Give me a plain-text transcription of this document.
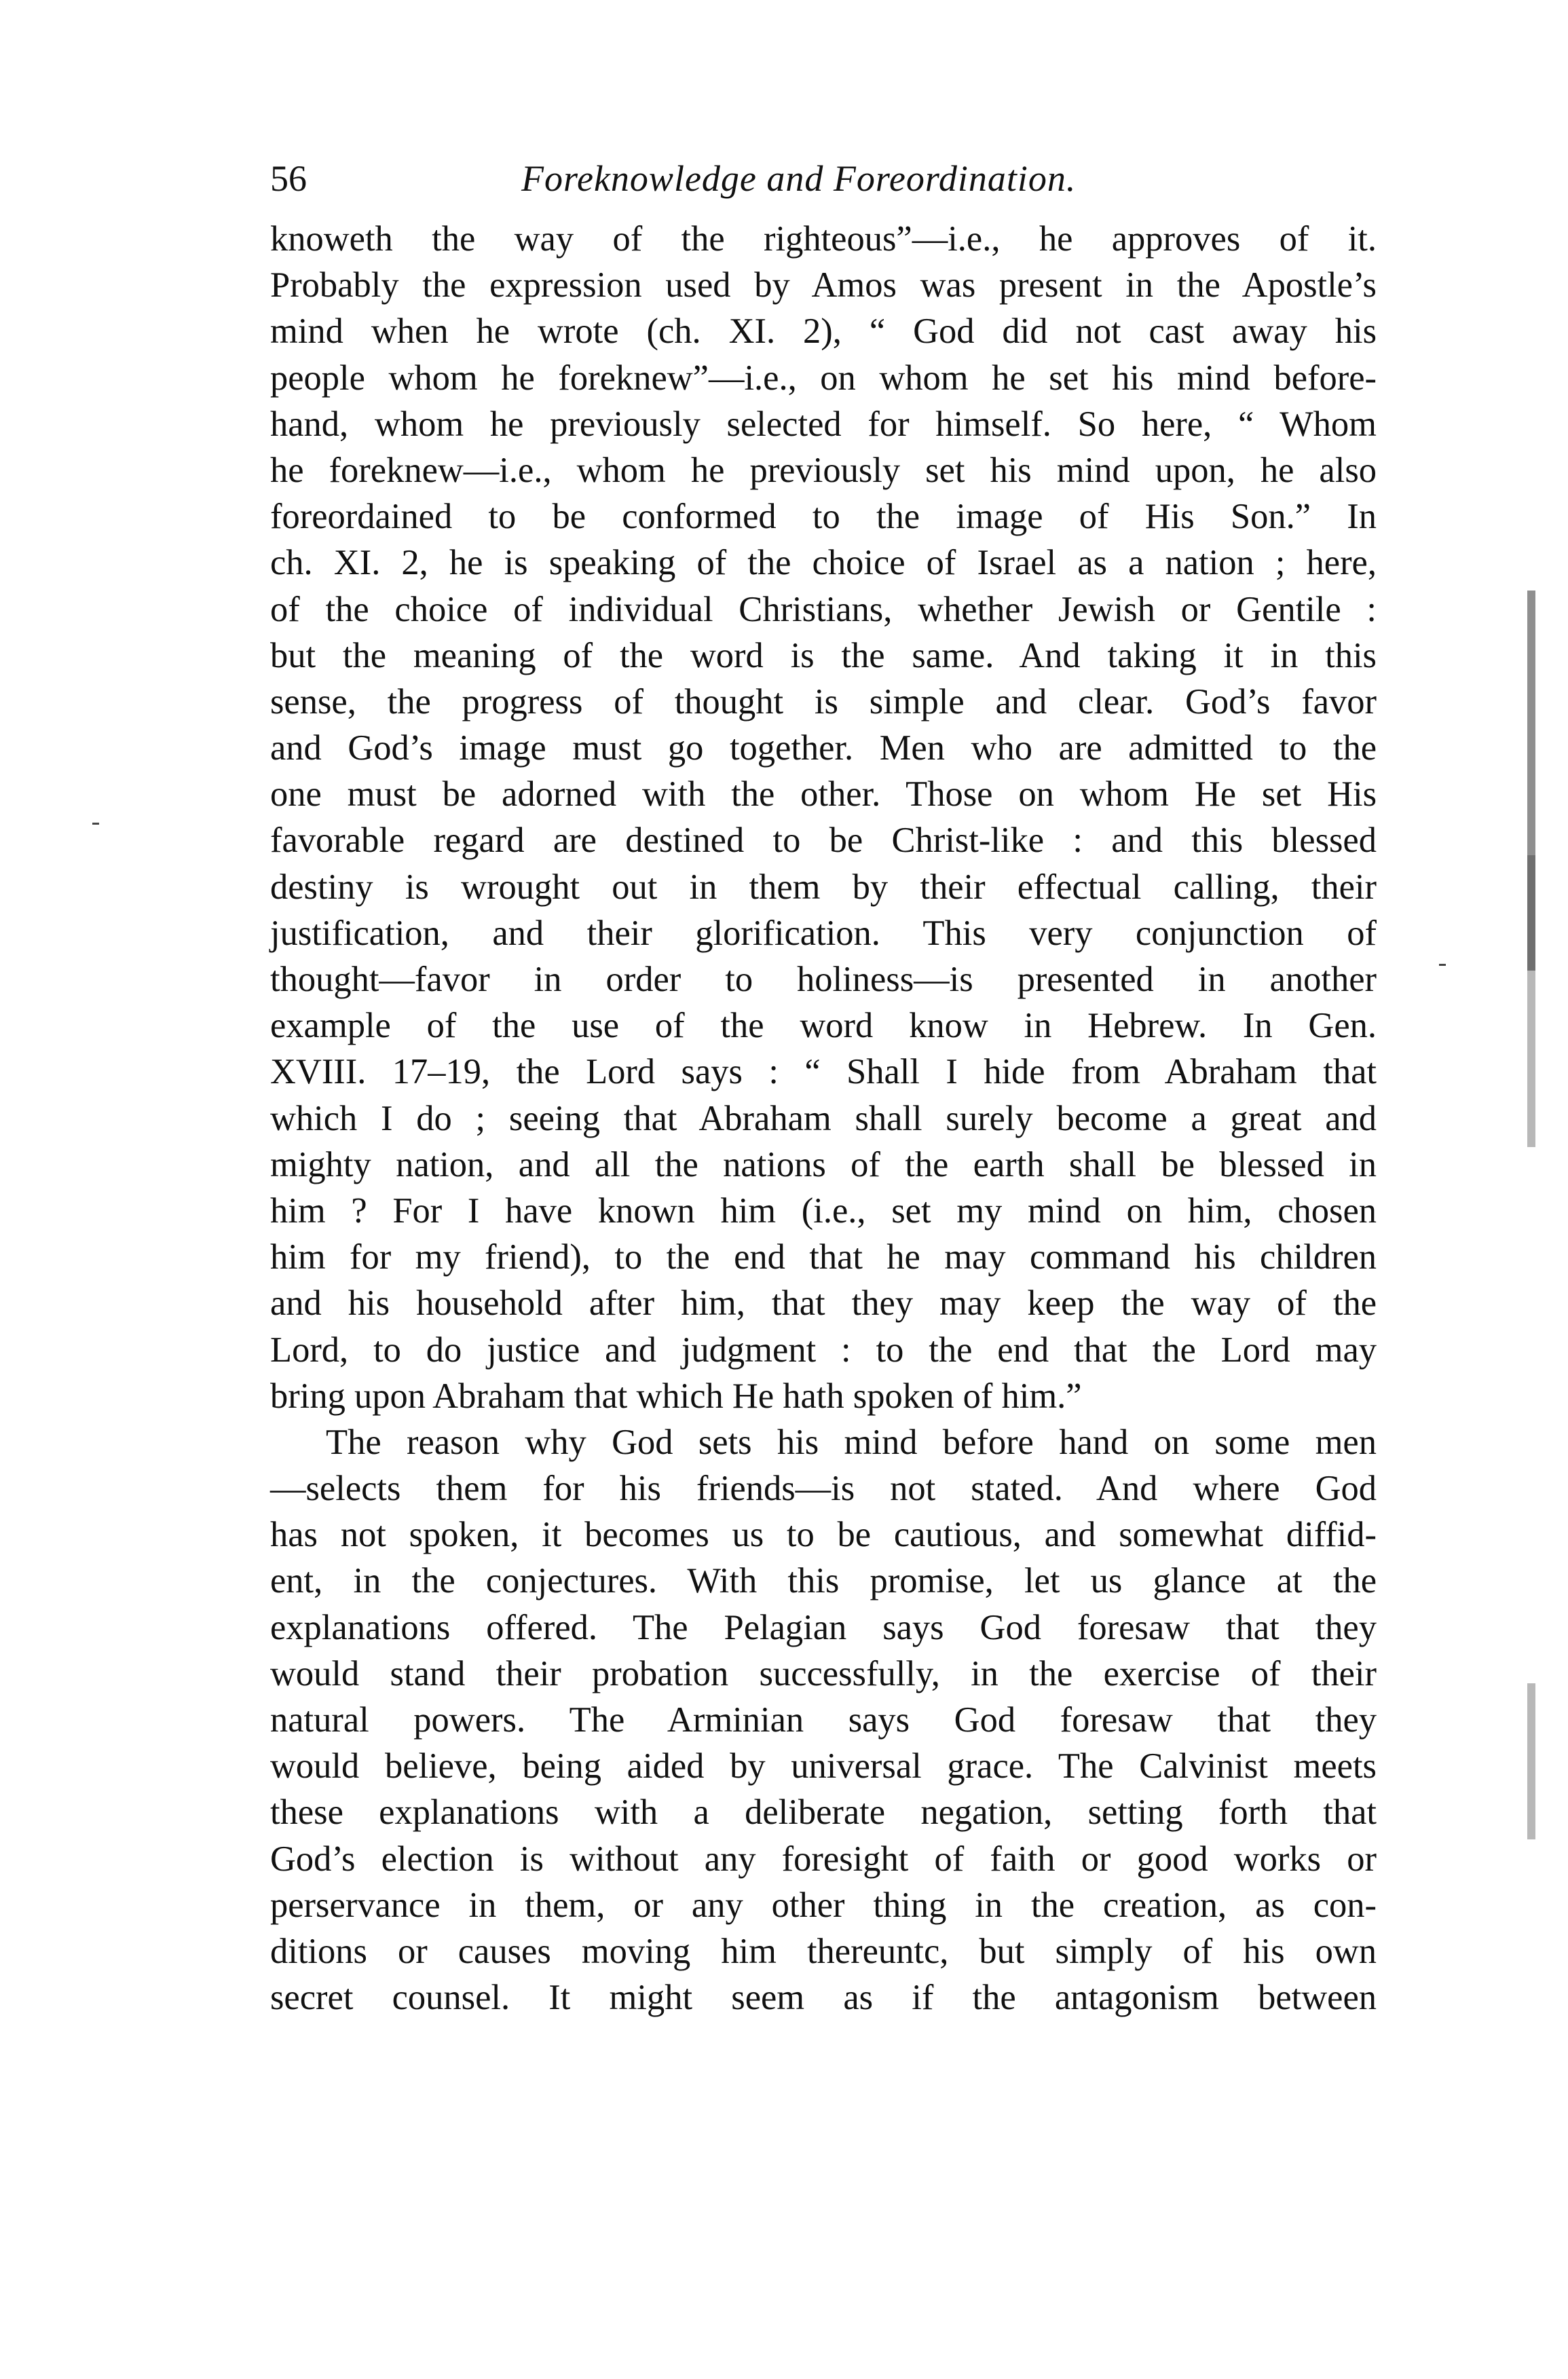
56	Foreknowledge and Foreordination.
knoweth the way of the righteous”—i.e., he approves of it.
Probably the expression used by Amos was present in the Apostle’s
mind when he wrote (ch. XI. 2), “ God did not cast away his
people whom he foreknew”—i.e., on whom he set his mind before-
hand, whom he previously selected for himself. So here, “ Whom
he foreknew—i.e., whom he previously set his mind upon, he also
foreordained to be conformed to the image of His Son.” In
ch. XI. 2, he is speaking of the choice of Israel as a nation ; here,
of the choice of individual Christians, whether Jewish or Gentile :
but the meaning of the word is the same. And taking it in this
sense, the progress of thought is simple and clear. God’s favor
and God’s image must go together. Men who are admitted to the
one must be adorned with the other. Those on whom He set His
favorable regard are destined to be Christ-like : and this blessed
destiny is wrought out in them by their effectual calling, their
justification, and their glorification. This very conjunction of
thought—favor in order to holiness—is presented in another
example of the use of the word know in Hebrew. In Gen.
XVIII. 17–19, the Lord says : “ Shall I hide from Abraham that
which I do ; seeing that Abraham shall surely become a great and
mighty nation, and all the nations of the earth shall be blessed in
him ? For I have known him (i.e., set my mind on him, chosen
him for my friend), to the end that he may command his children
and his household after him, that they may keep the way of the
Lord, to do justice and judgment : to the end that the Lord may
bring upon Abraham that which He hath spoken of him.”
The reason why God sets his mind before hand on some men
—selects them for his friends—is not stated. And where God
has not spoken, it becomes us to be cautious, and somewhat diffid-
ent, in the conjectures. With this promise, let us glance at the
explanations offered. The Pelagian says God foresaw that they
would stand their probation successfully, in the exercise of their
natural powers. The Arminian says God foresaw that they
would believe, being aided by universal grace. The Calvinist meets
these explanations with a deliberate negation, setting forth that
God’s election is without any foresight of faith or good works or
perservance in them, or any other thing in the creation, as con-
ditions or causes moving him thereuntc, but simply of his own
secret counsel. It might seem as if the antagonism between
